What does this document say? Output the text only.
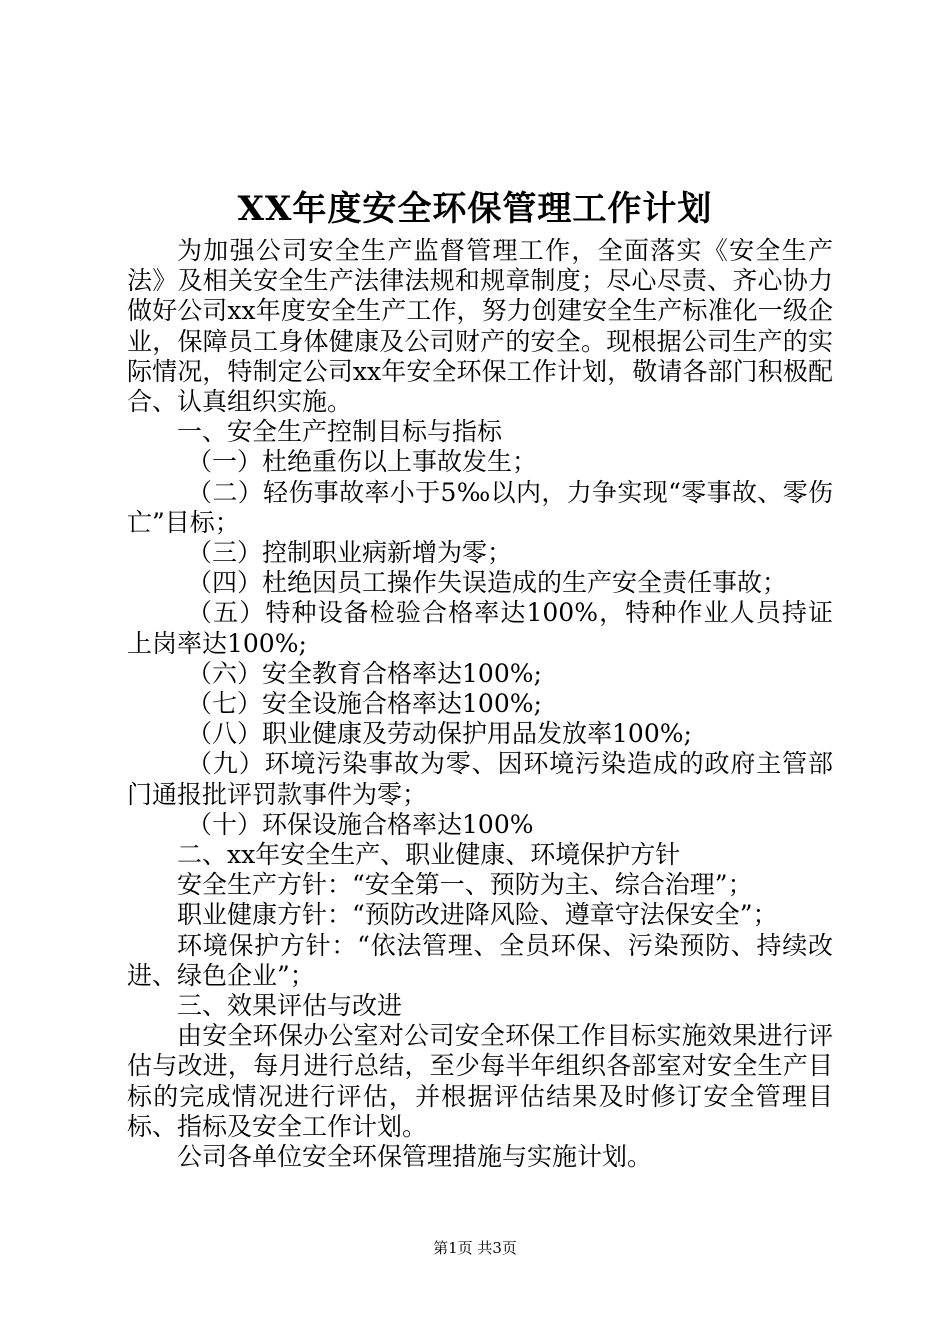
XX年度安全环保管理工作计划

为加强公司安全生产监督管理工作，全面落实《安全生产法》及相关安全生产法律法规和规章制度；尽心尽责、齐心协力做好公司xx年度安全生产工作，努力创建安全生产标准化一级企业，保障员工身体健康及公司财产的安全。现根据公司生产的实际情况，特制定公司xx年安全环保工作计划，敬请各部门积极配合、认真组织实施。

一、安全生产控制目标与指标

（一）杜绝重伤以上事故发生；

（二）轻伤事故率小于5‰以内，力争实现“零事故、零伤亡”目标；

（三）控制职业病新增为零；

（四）杜绝因员工操作失误造成的生产安全责任事故；

（五）特种设备检验合格率达100%，特种作业人员持证上岗率达100%;

（六）安全教育合格率达100%;

（七）安全设施合格率达100%;

（八）职业健康及劳动保护用品发放率100%;

（九）环境污染事故为零、因环境污染造成的政府主管部门通报批评罚款事件为零；

（十）环保设施合格率达100%

二、xx年安全生产、职业健康、环境保护方针

安全生产方针：“安全第一、预防为主、综合治理”；

职业健康方针：“预防改进降风险、遵章守法保安全”；

环境保护方针：“依法管理、全员环保、污染预防、持续改进、绿色企业”；

三、效果评估与改进

由安全环保办公室对公司安全环保工作目标实施效果进行评估与改进，每月进行总结，至少每半年组织各部室对安全生产目标的完成情况进行评估，并根据评估结果及时修订安全管理目标、指标及安全工作计划。

公司各单位安全环保管理措施与实施计划。

第1页 共3页
